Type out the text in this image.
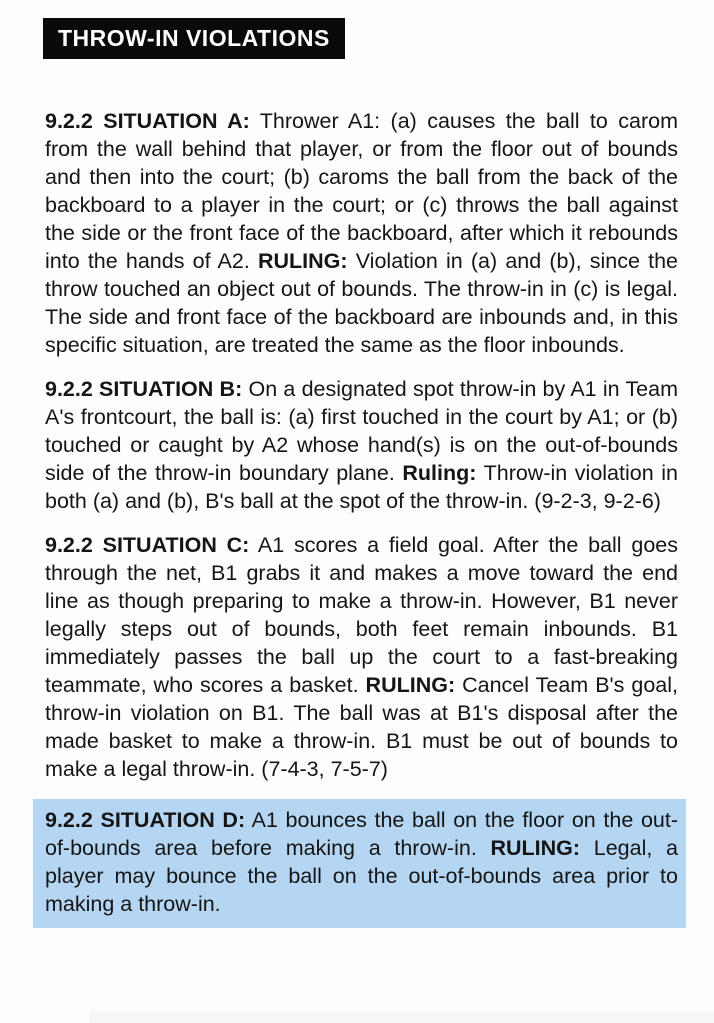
THROW-IN VIOLATIONS

9.2.2 SITUATION A: Thrower A1: (a) causes the ball to carom from the wall behind that player, or from the floor out of bounds and then into the court; (b) caroms the ball from the back of the backboard to a player in the court; or (c) throws the ball against the side or the front face of the backboard, after which it rebounds into the hands of A2. RULING: Violation in (a) and (b), since the throw touched an object out of bounds. The throw-in in (c) is legal. The side and front face of the backboard are inbounds and, in this specific situation, are treated the same as the floor inbounds.

9.2.2 SITUATION B: On a designated spot throw-in by A1 in Team A's frontcourt, the ball is: (a) first touched in the court by A1; or (b) touched or caught by A2 whose hand(s) is on the out-of-bounds side of the throw-in boundary plane. Ruling: Throw-in violation in both (a) and (b), B's ball at the spot of the throw-in. (9-2-3, 9-2-6)

9.2.2 SITUATION C: A1 scores a field goal. After the ball goes through the net, B1 grabs it and makes a move toward the end line as though preparing to make a throw-in. However, B1 never legally steps out of bounds, both feet remain inbounds. B1 immediately passes the ball up the court to a fast-breaking teammate, who scores a basket. RULING: Cancel Team B's goal, throw-in violation on B1. The ball was at B1's disposal after the made basket to make a throw-in. B1 must be out of bounds to make a legal throw-in. (7-4-3, 7-5-7)

9.2.2 SITUATION D: A1 bounces the ball on the floor on the out-of-bounds area before making a throw-in. RULING: Legal, a player may bounce the ball on the out-of-bounds area prior to making a throw-in.
